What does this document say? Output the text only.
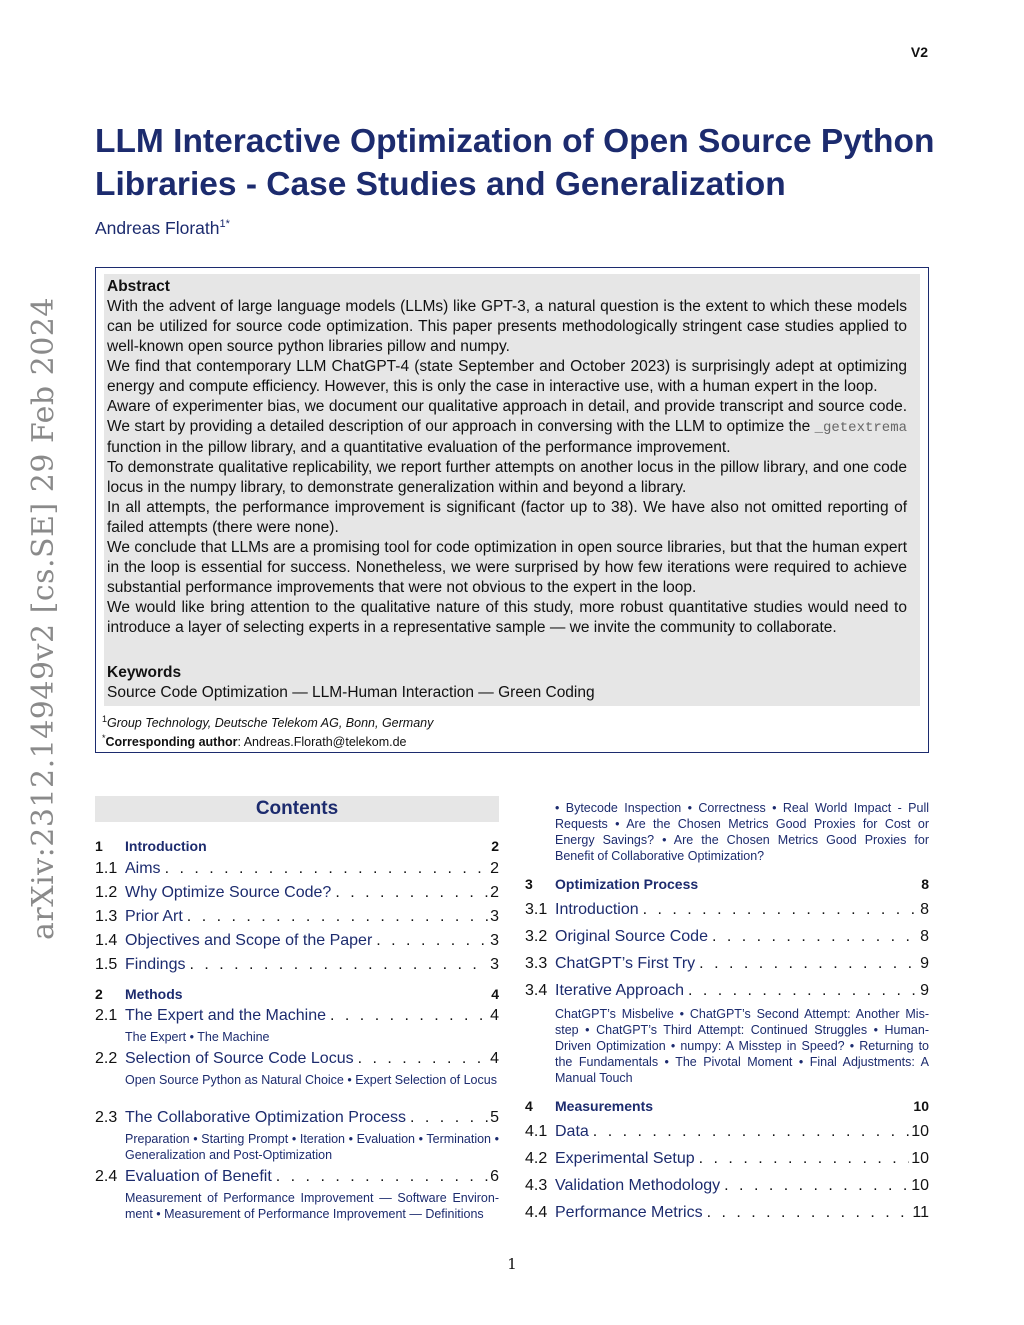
V2
arXiv:2312.14949v2 [cs.SE] 29 Feb 2024
LLM Interactive Optimization of Open Source Python
Libraries - Case Studies and Generalization
Andreas Florath$^{1*}$
Abstract

With the advent of large language models (LLMs) like GPT-3, a natural question is the extent to which these models can be utilized for source code optimization. This paper presents methodologically stringent case studies applied to well-known open source python libraries pillow and numpy.

We find that contemporary LLM ChatGPT-4 (state September and October 2023) is surprisingly adept at optimizing energy and compute efficiency. However, this is only the case in interactive use, with a human expert in the loop.

Aware of experimenter bias, we document our qualitative approach in detail, and provide transcript and source code. We start by providing a detailed description of our approach in conversing with the LLM to optimize the _getextrema function in the pillow library, and a quantitative evaluation of the performance improvement.

To demonstrate qualitative replicability, we report further attempts on another locus in the pillow library, and one code locus in the numpy library, to demonstrate generalization within and beyond a library.

In all attempts, the performance improvement is significant (factor up to 38). We have also not omitted reporting of failed attempts (there were none).

We conclude that LLMs are a promising tool for code optimization in open source libraries, but that the human expert in the loop is essential for success. Nonetheless, we were surprised by how few iterations were required to achieve substantial performance improvements that were not obvious to the expert in the loop.

We would like bring attention to the qualitative nature of this study, more robust quantitative studies would need to introduce a layer of selecting experts in a representative sample — we invite the community to collaborate.

Keywords
Source Code Optimization — LLM-Human Interaction — Green Coding
$^1$Group Technology, Deutsche Telekom AG, Bonn, Germany
*Corresponding author: Andreas.Florath@telekom.de
Contents
1 Introduction	2
1.1 Aims . . .	2
1.2 Why Optimize Source Code? . . .	2
1.3 Prior Art . . .	3
1.4 Objectives and Scope of the Paper . . .	3
1.5 Findings . . .	3
2 Methods	4
2.1 The Expert and the Machine . . .	4
The Expert • The Machine
2.2 Selection of Source Code Locus . . .	4
Open Source Python as Natural Choice • Expert Selection of Locus
2.3 The Collaborative Optimization Process . . .	5
Preparation • Starting Prompt • Iteration • Evaluation • Termination • Generalization and Post-Optimization
2.4 Evaluation of Benefit . . .	6
Measurement of Performance Improvement — Software Environ-ment • Measurement of Performance Improvement — Definitions
• Bytecode Inspection • Correctness • Real World Impact - Pull Requests • Are the Chosen Metrics Good Proxies for Cost or Energy Savings? • Are the Chosen Metrics Good Proxies for Benefit of Collaborative Optimization?
3 Optimization Process	8
3.1 Introduction . . .	8
3.2 Original Source Code . . .	8
3.3 ChatGPT’s First Try . . .	9
3.4 Iterative Approach . . .	9
ChatGPT’s Misbelive • ChatGPT’s Second Attempt: Another Mis-step • ChatGPT’s Third Attempt: Continued Struggles • Human-Driven Optimization • numpy: A Misstep in Speed? • Returning to the Fundamentals • The Pivotal Moment • Final Adjustments: A Manual Touch
4 Measurements	10
4.1 Data . . .	10
4.2 Experimental Setup . . .	10
4.3 Validation Methodology . . .	10
4.4 Performance Metrics . . .	11
1
